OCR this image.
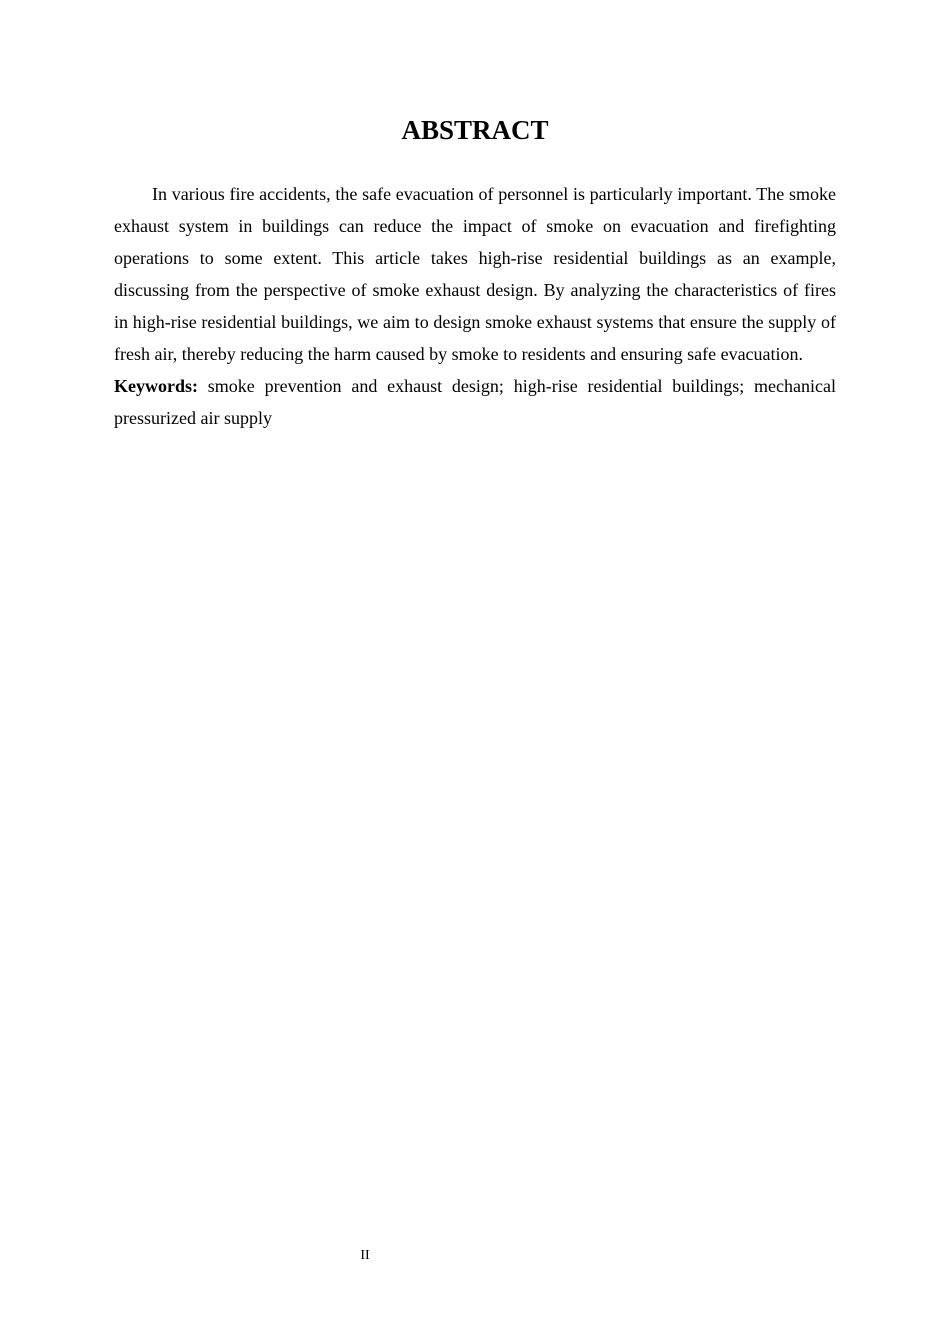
ABSTRACT

In various fire accidents, the safe evacuation of personnel is particularly important. The smoke exhaust system in buildings can reduce the impact of smoke on evacuation and firefighting operations to some extent. This article takes high-rise residential buildings as an example, discussing from the perspective of smoke exhaust design. By analyzing the characteristics of fires in high-rise residential buildings, we aim to design smoke exhaust systems that ensure the supply of fresh air, thereby reducing the harm caused by smoke to residents and ensuring safe evacuation.

Keywords: smoke prevention and exhaust design; high-rise residential buildings; mechanical pressurized air supply

II
